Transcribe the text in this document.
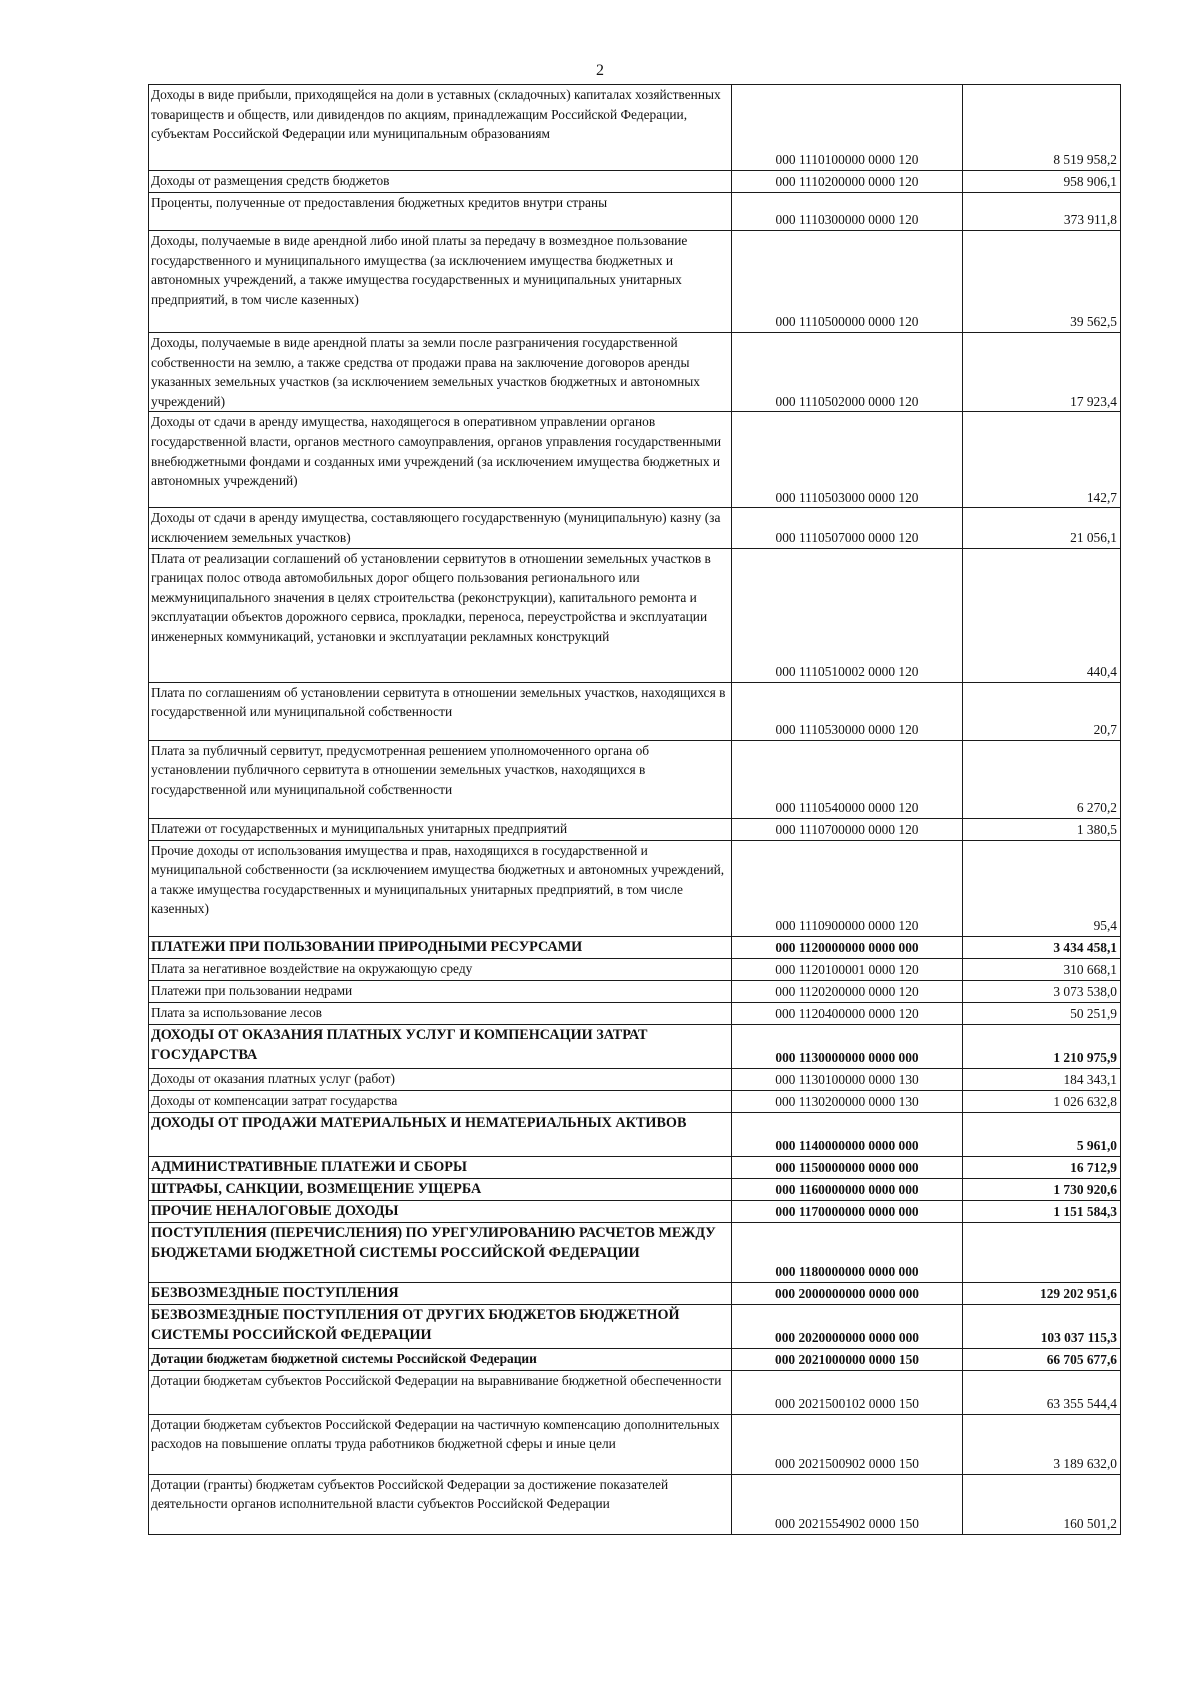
2
Доходы в виде прибыли, приходящейся на доли в уставных (складочных) капиталах хозяйственных товариществ и обществ, или дивидендов по акциям, принадлежащим Российской Федерации, субъектам Российской Федерации или муниципальным образованиям	000 1110100000 0000 120	8 519 958,2
Доходы от размещения средств бюджетов	000 1110200000 0000 120	958 906,1
Проценты, полученные от предоставления бюджетных кредитов внутри страны	000 1110300000 0000 120	373 911,8
Доходы, получаемые в виде арендной либо иной платы за передачу в возмездное пользование государственного и муниципального имущества (за исключением имущества бюджетных и автономных учреждений, а также имущества государственных и муниципальных унитарных предприятий, в том числе казенных)	000 1110500000 0000 120	39 562,5
Доходы, получаемые в виде арендной платы за земли после разграничения государственной собственности на землю, а также средства от продажи права на заключение договоров аренды указанных земельных участков (за исключением земельных участков бюджетных и автономных учреждений)	000 1110502000 0000 120	17 923,4
Доходы от сдачи в аренду имущества, находящегося в оперативном управлении органов государственной власти, органов местного самоуправления, органов управления государственными внебюджетными фондами и созданных ими учреждений (за исключением имущества бюджетных и автономных учреждений)	000 1110503000 0000 120	142,7
Доходы от сдачи в аренду имущества, составляющего государственную (муниципальную) казну (за исключением земельных участков)	000 1110507000 0000 120	21 056,1
Плата от реализации соглашений об установлении сервитутов в отношении земельных участков в границах полос отвода автомобильных дорог общего пользования регионального или межмуниципального значения в целях строительства (реконструкции), капитального ремонта и эксплуатации объектов дорожного сервиса, прокладки, переноса, переустройства и эксплуатации инженерных коммуникаций, установки и эксплуатации рекламных конструкций	000 1110510002 0000 120	440,4
Плата по соглашениям об установлении сервитута в отношении земельных участков, находящихся в государственной или муниципальной собственности	000 1110530000 0000 120	20,7
Плата за публичный сервитут, предусмотренная решением уполномоченного органа об установлении публичного сервитута в отношении земельных участков, находящихся в государственной или муниципальной собственности	000 1110540000 0000 120	6 270,2
Платежи от государственных и муниципальных унитарных предприятий	000 1110700000 0000 120	1 380,5
Прочие доходы от использования имущества и прав, находящихся в государственной и муниципальной собственности (за исключением имущества бюджетных и автономных учреждений, а также имущества государственных и муниципальных унитарных предприятий, в том числе казенных)	000 1110900000 0000 120	95,4
ПЛАТЕЖИ ПРИ ПОЛЬЗОВАНИИ ПРИРОДНЫМИ РЕСУРСАМИ	000 1120000000 0000 000	3 434 458,1
Плата за негативное воздействие на окружающую среду	000 1120100001 0000 120	310 668,1
Платежи при пользовании недрами	000 1120200000 0000 120	3 073 538,0
Плата за использование лесов	000 1120400000 0000 120	50 251,9
ДОХОДЫ ОТ ОКАЗАНИЯ ПЛАТНЫХ УСЛУГ И КОМПЕНСАЦИИ ЗАТРАТ ГОСУДАРСТВА	000 1130000000 0000 000	1 210 975,9
Доходы от оказания платных услуг (работ)	000 1130100000 0000 130	184 343,1
Доходы от компенсации затрат государства	000 1130200000 0000 130	1 026 632,8
ДОХОДЫ ОТ ПРОДАЖИ МАТЕРИАЛЬНЫХ И НЕМАТЕРИАЛЬНЫХ АКТИВОВ	000 1140000000 0000 000	5 961,0
АДМИНИСТРАТИВНЫЕ ПЛАТЕЖИ И СБОРЫ	000 1150000000 0000 000	16 712,9
ШТРАФЫ, САНКЦИИ, ВОЗМЕЩЕНИЕ УЩЕРБА	000 1160000000 0000 000	1 730 920,6
ПРОЧИЕ НЕНАЛОГОВЫЕ ДОХОДЫ	000 1170000000 0000 000	1 151 584,3
ПОСТУПЛЕНИЯ (ПЕРЕЧИСЛЕНИЯ) ПО УРЕГУЛИРОВАНИЮ РАСЧЕТОВ МЕЖДУ БЮДЖЕТАМИ БЮДЖЕТНОЙ СИСТЕМЫ РОССИЙСКОЙ ФЕДЕРАЦИИ	000 1180000000 0000 000	
БЕЗВОЗМЕЗДНЫЕ ПОСТУПЛЕНИЯ	000 2000000000 0000 000	129 202 951,6
БЕЗВОЗМЕЗДНЫЕ ПОСТУПЛЕНИЯ ОТ ДРУГИХ БЮДЖЕТОВ БЮДЖЕТНОЙ СИСТЕМЫ РОССИЙСКОЙ ФЕДЕРАЦИИ	000 2020000000 0000 000	103 037 115,3
Дотации бюджетам бюджетной системы Российской Федерации	000 2021000000 0000 150	66 705 677,6
Дотации бюджетам субъектов Российской Федерации на выравнивание бюджетной обеспеченности	000 2021500102 0000 150	63 355 544,4
Дотации бюджетам субъектов Российской Федерации на частичную компенсацию дополнительных расходов на повышение оплаты труда работников бюджетной сферы и иные цели	000 2021500902 0000 150	3 189 632,0
Дотации (гранты) бюджетам субъектов Российской Федерации за достижение показателей деятельности органов исполнительной власти субъектов Российской Федерации	000 2021554902 0000 150	160 501,2
